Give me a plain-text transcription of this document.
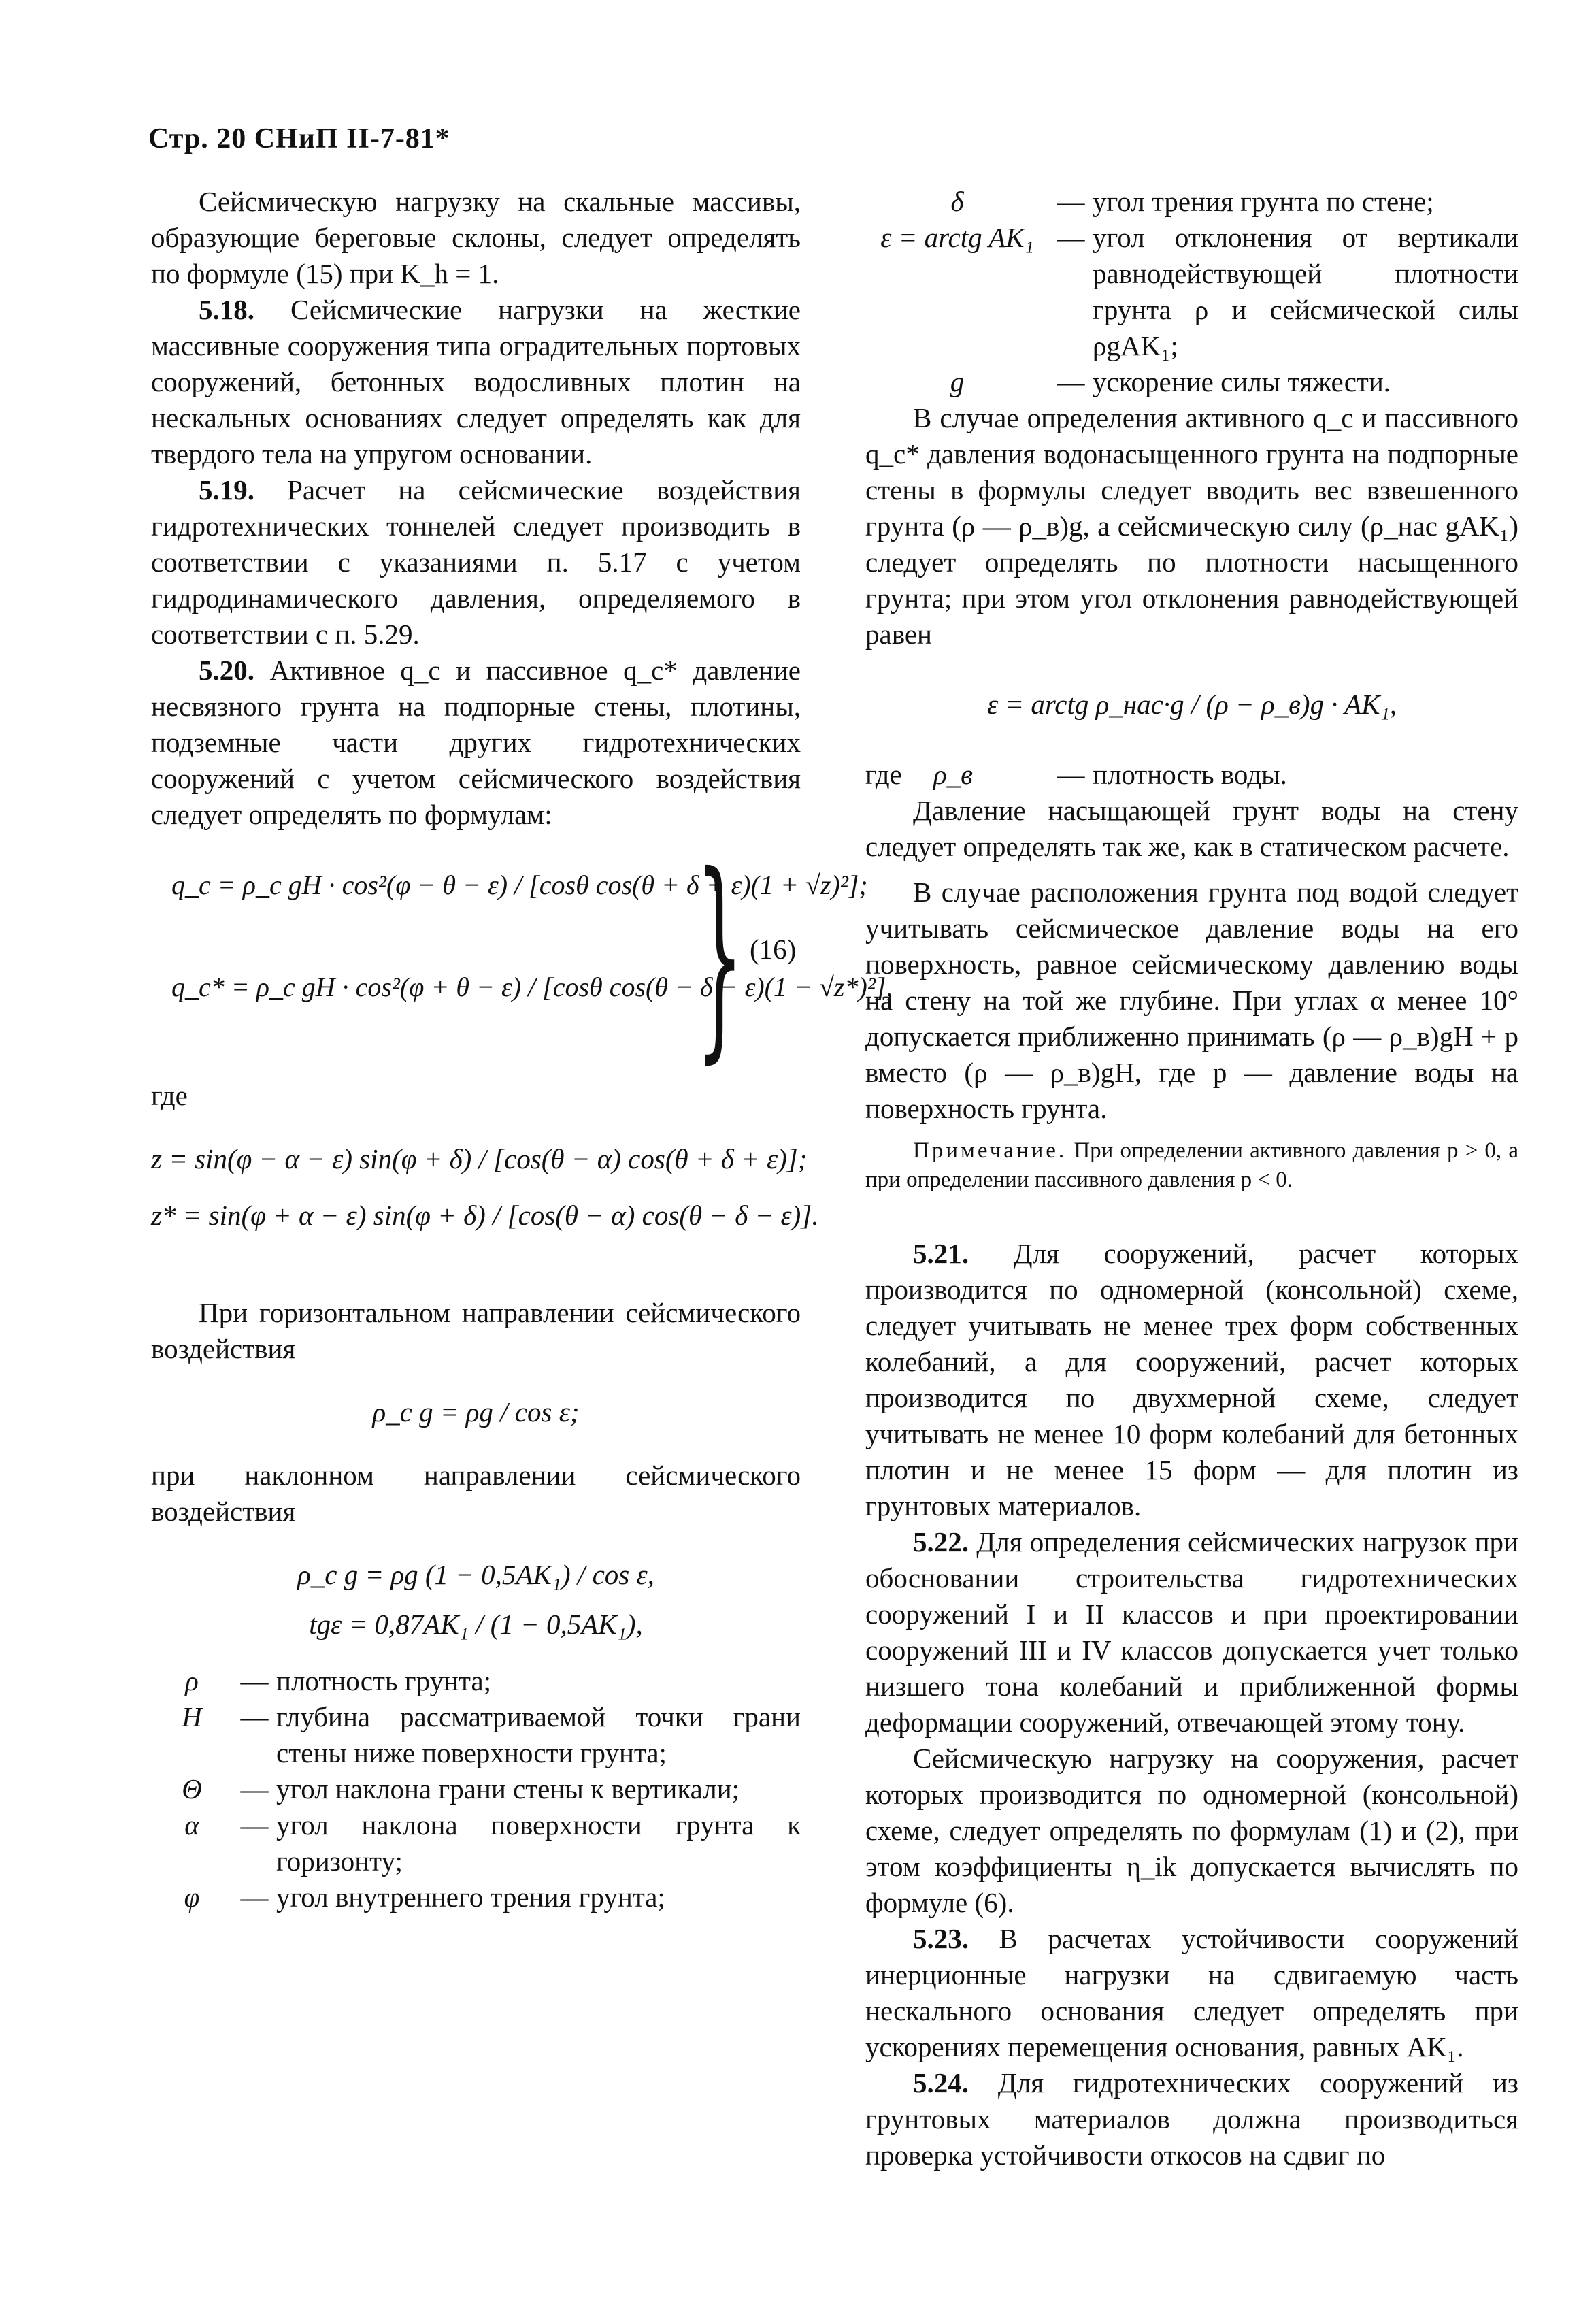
Стр. 20 СНиП II-7-81*

Сейсмическую нагрузку на скальные массивы, образующие береговые склоны, следует определять по формуле (15) при K_h = 1.

5.18. Сейсмические нагрузки на жесткие массивные сооружения типа оградительных портовых сооружений, бетонных водосливных плотин на нескальных основаниях следует определять как для твердого тела на упругом основании.

5.19. Расчет на сейсмические воздействия гидротехнических тоннелей следует производить в соответствии с указаниями п. 5.17 с учетом гидродинамического давления, определяемого в соответствии с п. 5.29.

5.20. Активное q_c и пассивное q_c* давление несвязного грунта на подпорные стены, плотины, подземные части других гидротехнических сооружений с учетом сейсмического воздействия следует определять по формулам:

q_c = ρ_c gH · cos²(φ − θ − ε) / [cosθ cos(θ + δ + ε)(1 + √z)²];
q_c* = ρ_c gH · cos²(φ + θ − ε) / [cosθ cos(θ − δ − ε)(1 − √z*)²],
} (16)

где

z = sin(φ − α − ε) sin(φ + δ) / [cos(θ − α) cos(θ + δ + ε)];

z* = sin(φ + α − ε) sin(φ + δ) / [cos(θ − α) cos(θ − δ − ε)].

При горизонтальном направлении сейсмического воздействия

ρ_c g = ρg / cos ε;

при наклонном направлении сейсмического воздействия

ρ_c g = ρg (1 − 0,5AK₁) / cos ε,

tgε = 0,87AK₁ / (1 − 0,5AK₁),

ρ	— плотность грунта;
H	— глубина рассматриваемой точки грани стены ниже поверхности грунта;
Θ	— угол наклона грани стены к вертикали;
α	— угол наклона поверхности грунта к горизонту;
φ	— угол внутреннего трения грунта;
δ	— угол трения грунта по стене;
ε = arctg AK₁ — угол отклонения от вертикали равнодействующей плотности грунта ρ и сейсмической силы ρgAK₁;
g	— ускорение силы тяжести.

В случае определения активного q_c и пассивного q_c* давления водонасыщенного грунта на подпорные стены в формулы следует вводить вес взвешенного грунта (ρ — ρ_в)g, а сейсмическую силу (ρ_нас gAK₁) следует определять по плотности насыщенного грунта; при этом угол отклонения равнодействующей равен

ε = arctg ρ_нас·g / (ρ − ρ_в)g · AK₁,

где	ρ_в	— плотность воды.

Давление насыщающей грунт воды на стену следует определять так же, как в статическом расчете.

В случае расположения грунта под водой следует учитывать сейсмическое давление воды на его поверхность, равное сейсмическому давлению воды на стену на той же глубине. При углах α менее 10° допускается приближенно принимать (ρ — ρ_в)gH + p вместо (ρ — ρ_в)gH, где p — давление воды на поверхность грунта.

Примечание. При определении активного давления p > 0, а при определении пассивного давления p < 0.

5.21. Для сооружений, расчет которых производится по одномерной (консольной) схеме, следует учитывать не менее трех форм собственных колебаний, а для сооружений, расчет которых производится по двухмерной схеме, следует учитывать не менее 10 форм колебаний для бетонных плотин и не менее 15 форм — для плотин из грунтовых материалов.

5.22. Для определения сейсмических нагрузок при обосновании строительства гидротехнических сооружений I и II классов и при проектировании сооружений III и IV классов допускается учет только низшего тона колебаний и приближенной формы деформации сооружений, отвечающей этому тону.

Сейсмическую нагрузку на сооружения, расчет которых производится по одномерной (консольной) схеме, следует определять по формулам (1) и (2), при этом коэффициенты η_ik допускается вычислять по формуле (6).

5.23. В расчетах устойчивости сооружений инерционные нагрузки на сдвигаемую часть нескального основания следует определять при ускорениях перемещения основания, равных AK₁.

5.24. Для гидротехнических сооружений из грунтовых материалов должна производиться проверка устойчивости откосов на сдвиг по
